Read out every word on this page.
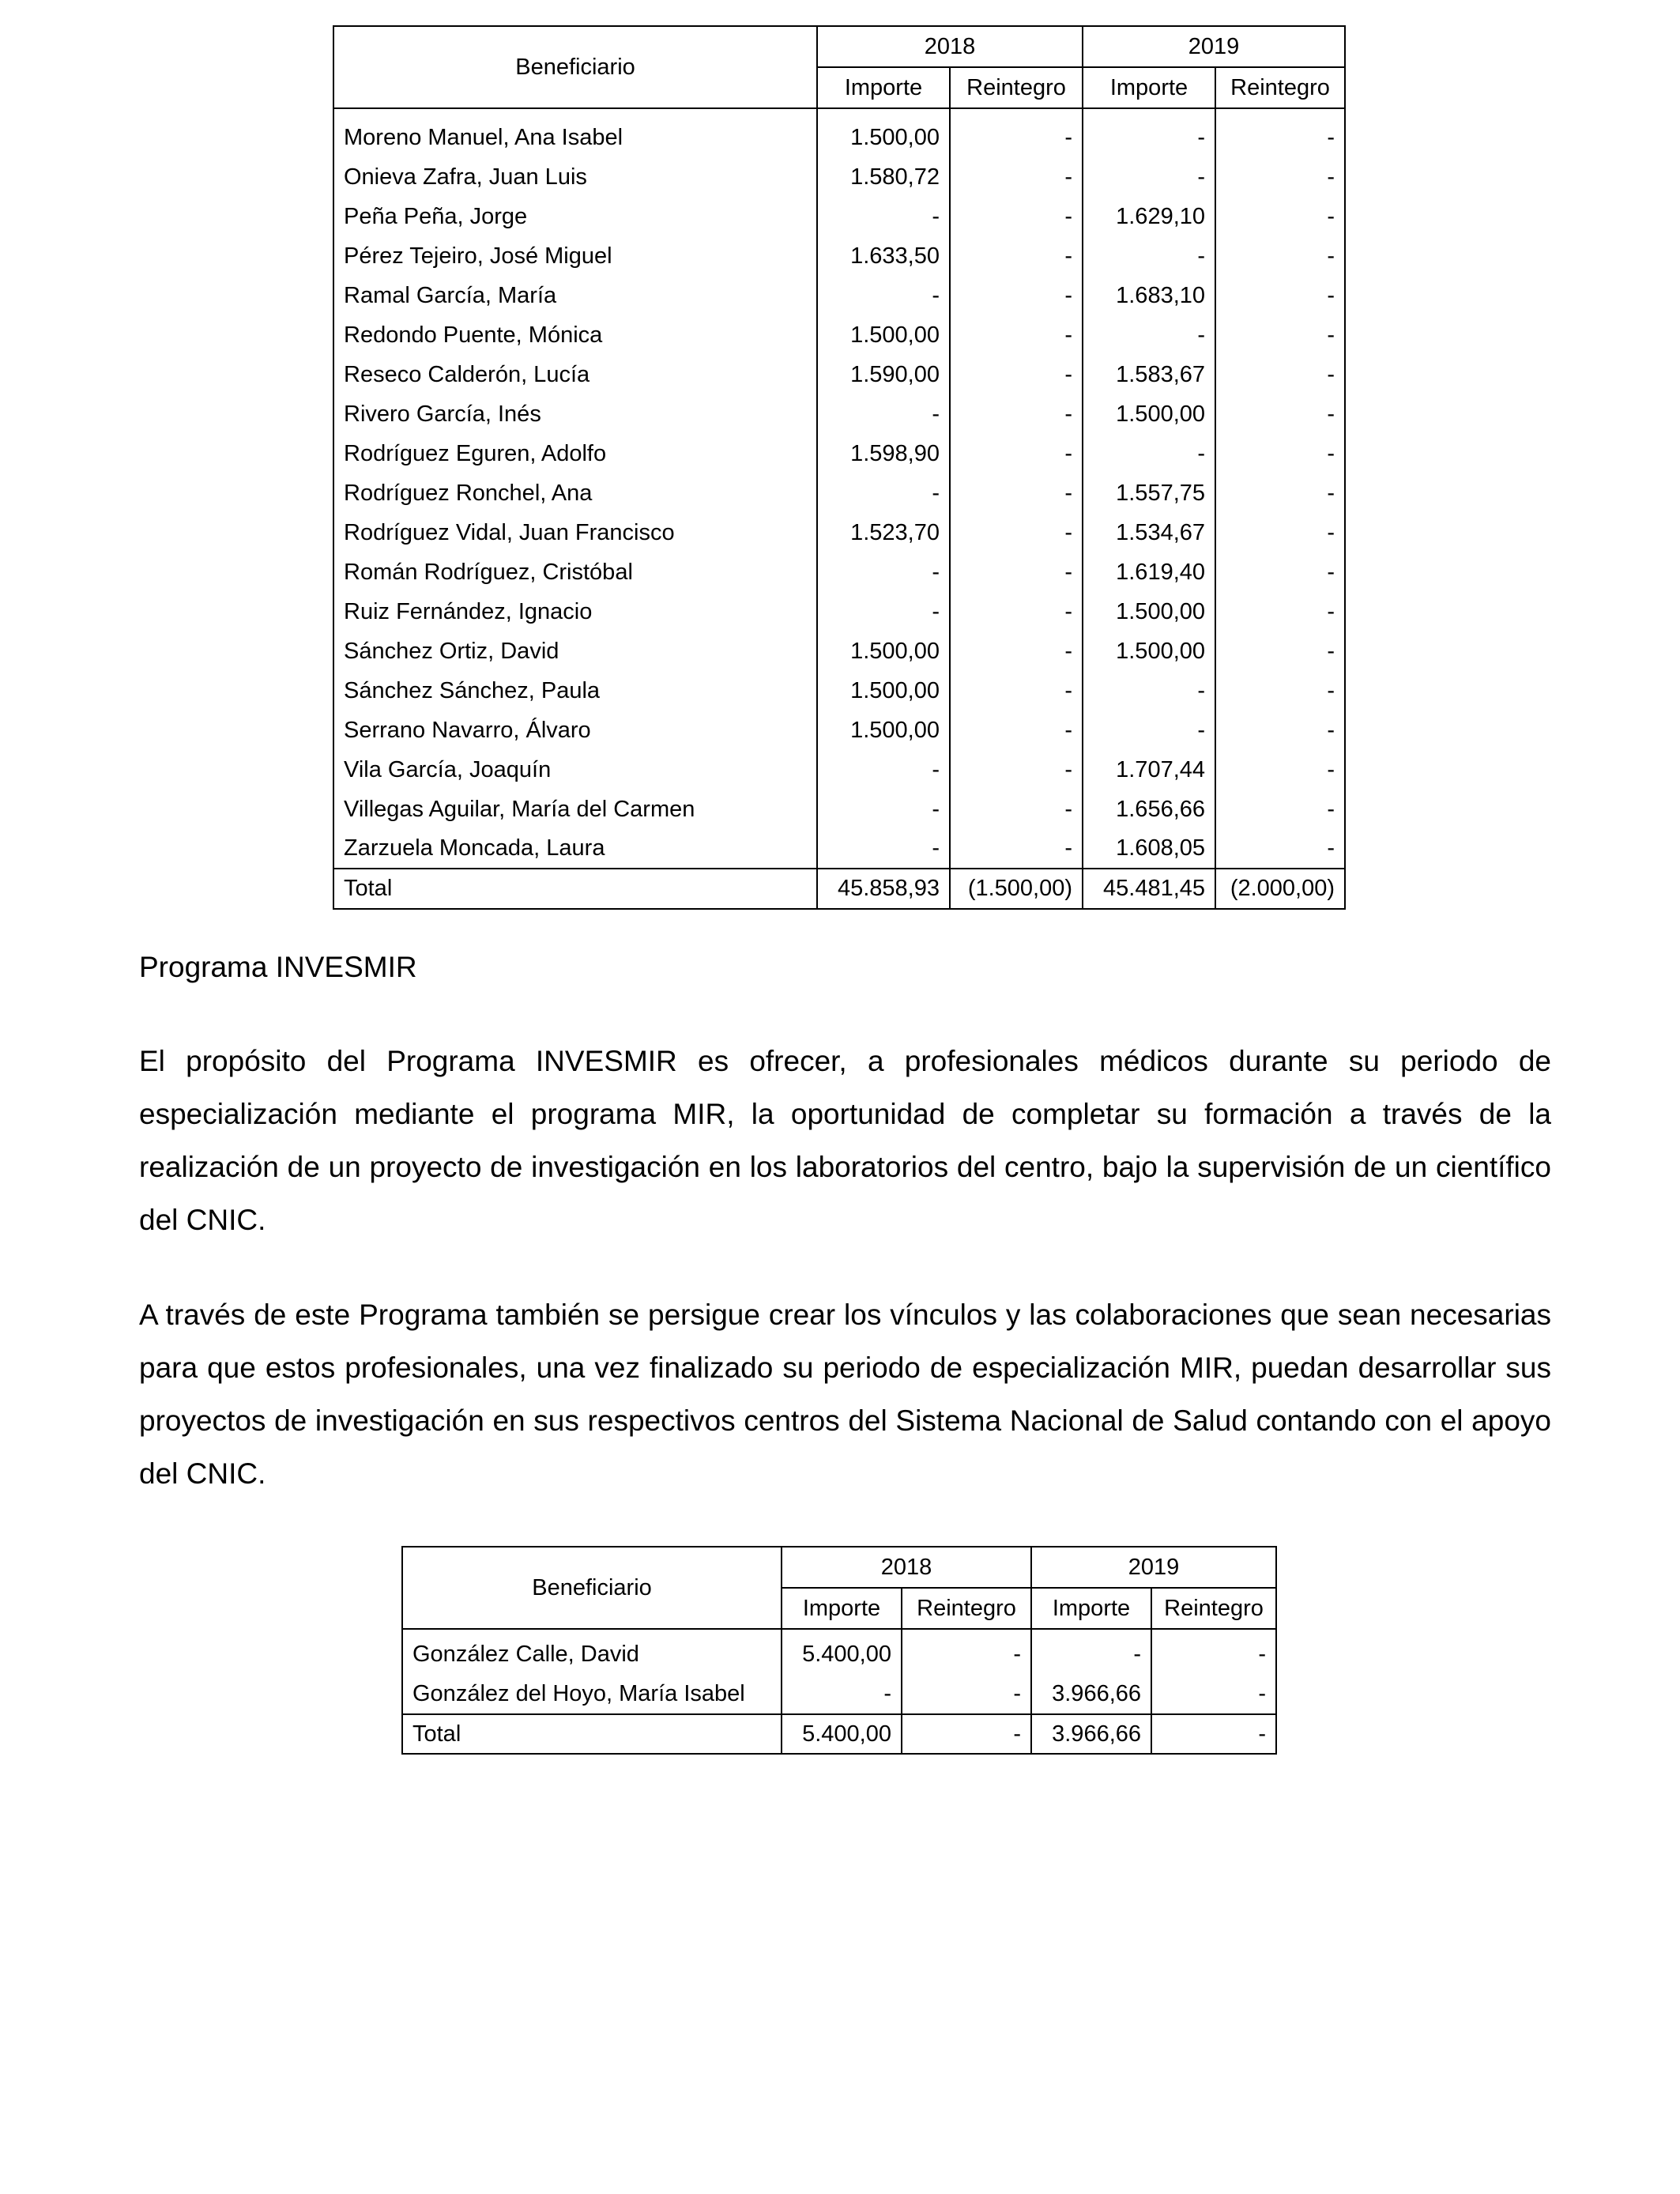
Beneficiario	2018		2019	
	Importe	Reintegro	Importe	Reintegro
Moreno Manuel, Ana Isabel	1.500,00	-	-	-
Onieva Zafra, Juan Luis	1.580,72	-	-	-
Peña Peña, Jorge	-	-	1.629,10	-
Pérez Tejeiro, José Miguel	1.633,50	-	-	-
Ramal García, María	-	-	1.683,10	-
Redondo Puente, Mónica	1.500,00	-	-	-
Reseco Calderón, Lucía	1.590,00	-	1.583,67	-
Rivero García, Inés	-	-	1.500,00	-
Rodríguez Eguren, Adolfo	1.598,90	-	-	-
Rodríguez Ronchel, Ana	-	-	1.557,75	-
Rodríguez Vidal, Juan Francisco	1.523,70	-	1.534,67	-
Román Rodríguez, Cristóbal	-	-	1.619,40	-
Ruiz Fernández, Ignacio	-	-	1.500,00	-
Sánchez Ortiz, David	1.500,00	-	1.500,00	-
Sánchez Sánchez, Paula	1.500,00	-	-	-
Serrano Navarro, Álvaro	1.500,00	-	-	-
Vila García, Joaquín	-	-	1.707,44	-
Villegas Aguilar, María del Carmen	-	-	1.656,66	-
Zarzuela Moncada, Laura	-	-	1.608,05	-
Total	45.858,93	(1.500,00)	45.481,45	(2.000,00)

Programa INVESMIR

El propósito del Programa INVESMIR es ofrecer, a profesionales médicos durante su periodo de especialización mediante el programa MIR, la oportunidad de completar su formación a través de la realización de un proyecto de investigación en los laboratorios del centro, bajo la supervisión de un científico del CNIC.

A través de este Programa también se persigue crear los vínculos y las colaboraciones que sean necesarias para que estos profesionales, una vez finalizado su periodo de especialización MIR, puedan desarrollar sus proyectos de investigación en sus respectivos centros del Sistema Nacional de Salud contando con el apoyo del CNIC.

Beneficiario	2018		2019	
	Importe	Reintegro	Importe	Reintegro
González Calle, David	5.400,00	-	-	-
González del Hoyo, María Isabel	-	-	3.966,66	-
Total	5.400,00	-	3.966,66	-
